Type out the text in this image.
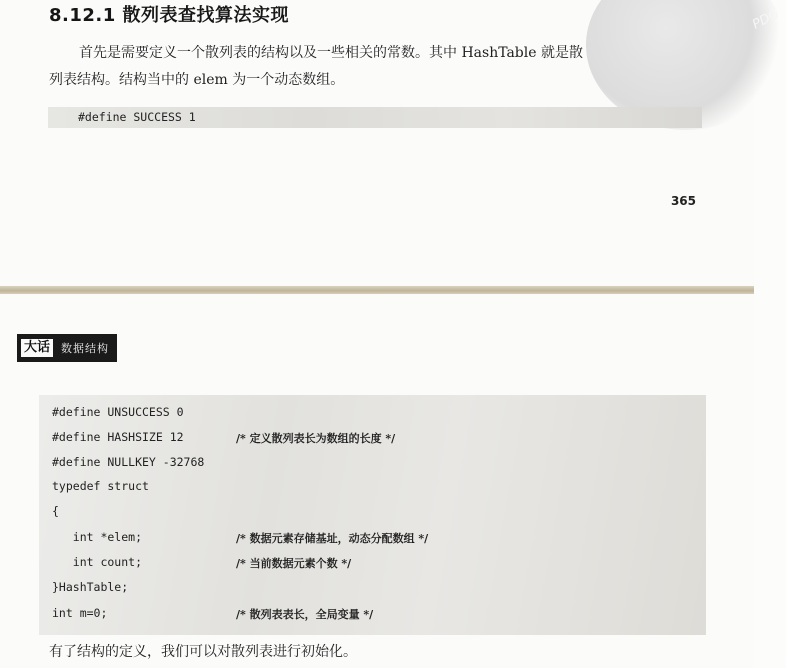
PDG
8.12.1 散列表查找算法实现
首先是需要定义一个散列表的结构以及一些相关的常数。其中 HashTable 就是散
列表结构。结构当中的 elem 为一个动态数组。
#define SUCCESS 1
365
大话 数据结构
#define UNSUCCESS 0
#define HASHSIZE 12	/* 定义散列表长为数组的长度 */
#define NULLKEY -32768
typedef struct
{
int *elem;	/* 数据元素存储基址，动态分配数组 */
int count;	/* 当前数据元素个数 */
}HashTable;
int m=0;	/* 散列表表长，全局变量 */
有了结构的定义，我们可以对散列表进行初始化。
